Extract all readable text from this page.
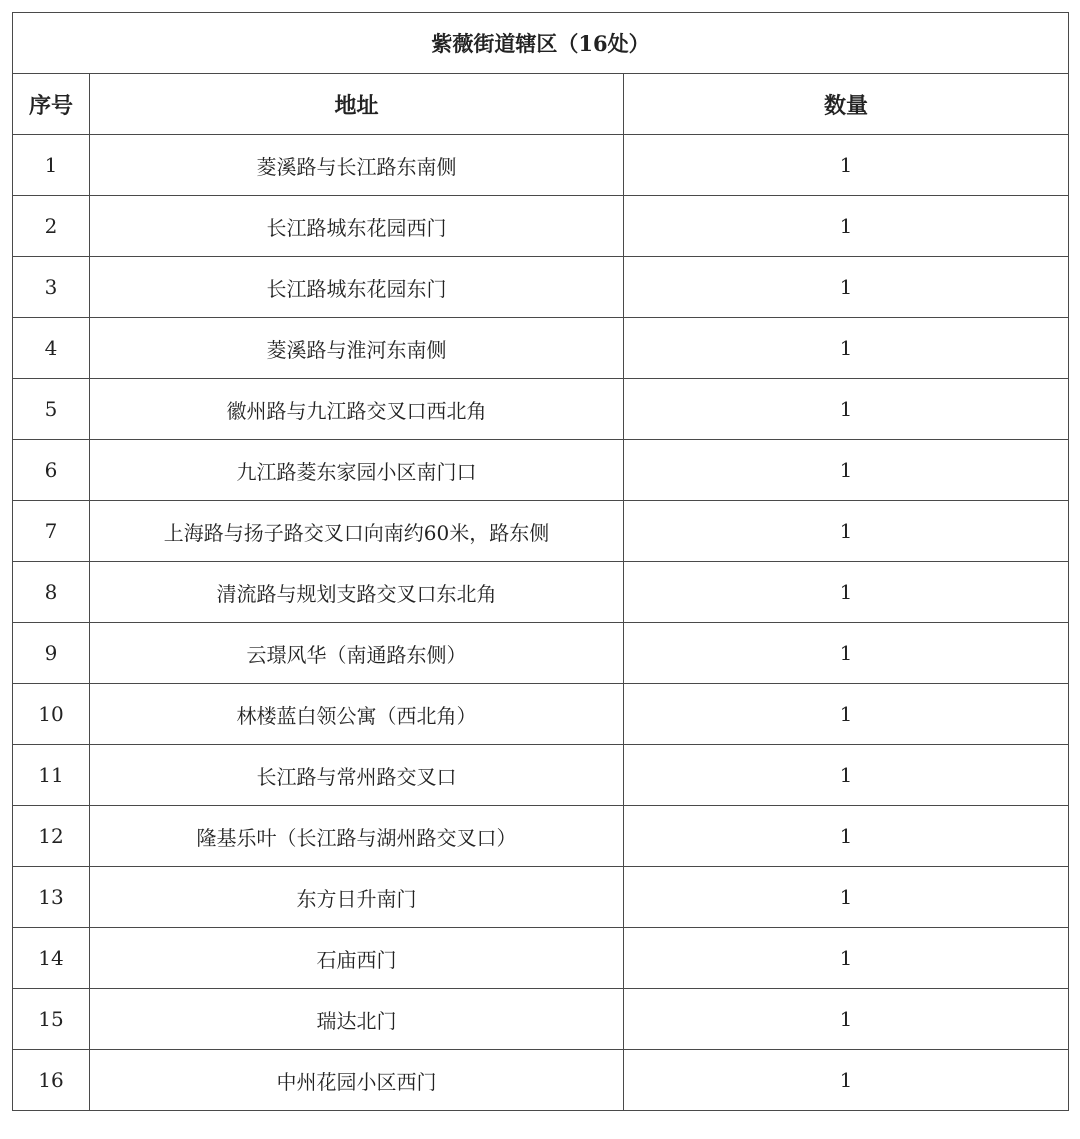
紫薇街道辖区（16处）		
序号	地址	数量
1	菱溪路与长江路东南侧	1
2	长江路城东花园西门	1
3	长江路城东花园东门	1
4	菱溪路与淮河东南侧	1
5	徽州路与九江路交叉口西北角	1
6	九江路菱东家园小区南门口	1
7	上海路与扬子路交叉口向南约60米，路东侧	1
8	清流路与规划支路交叉口东北角	1
9	云璟风华（南通路东侧）	1
10	林楼蓝白领公寓（西北角）	1
11	长江路与常州路交叉口	1
12	隆基乐叶（长江路与湖州路交叉口）	1
13	东方日升南门	1
14	石庙西门	1
15	瑞达北门	1
16	中州花园小区西门	1
